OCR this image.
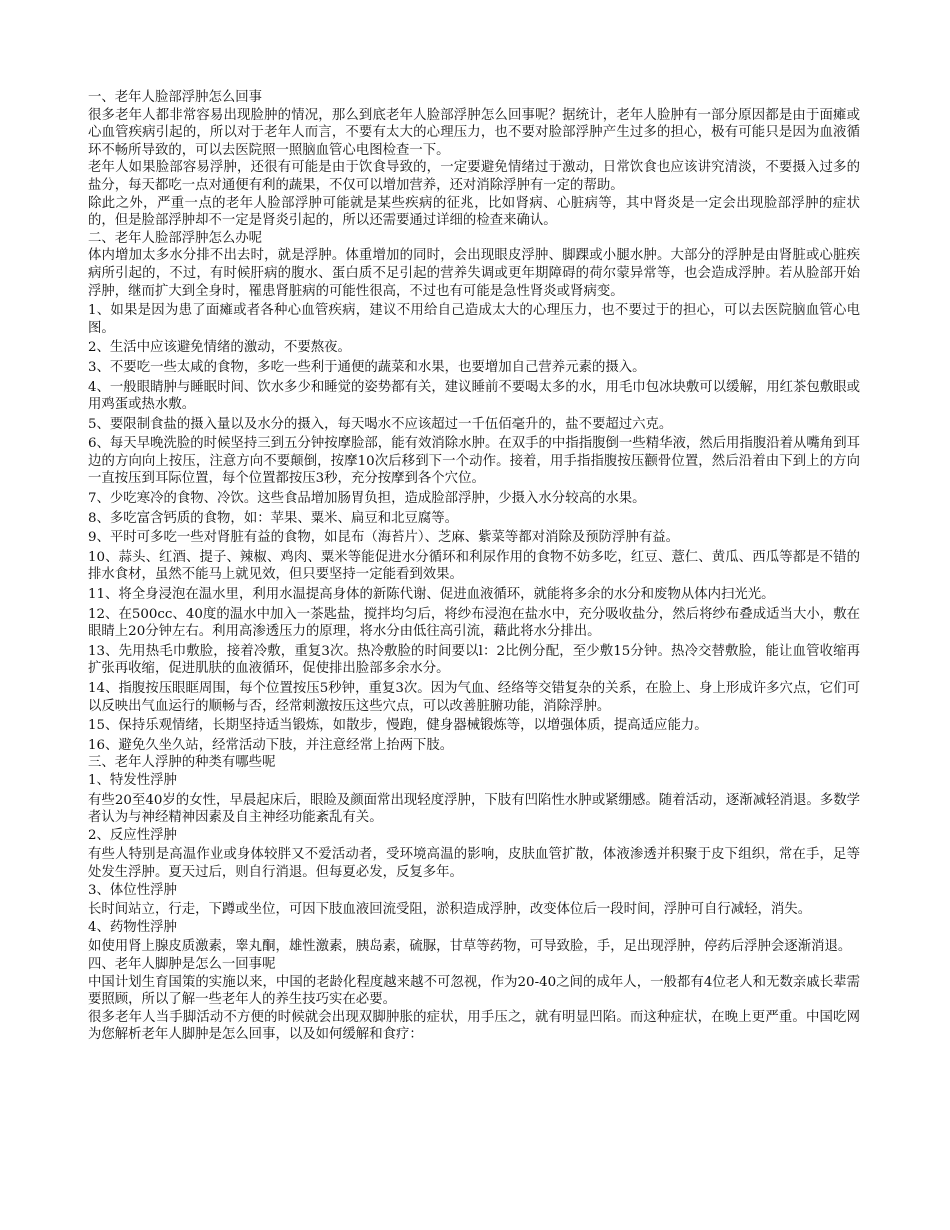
一、老年人脸部浮肿怎么回事

很多老年人都非常容易出现脸肿的情况，那么到底老年人脸部浮肿怎么回事呢？据统计，老年人脸肿有一部分原因都是由于面瘫或心血管疾病引起的，所以对于老年人而言，不要有太大的心理压力，也不要对脸部浮肿产生过多的担心，极有可能只是因为血液循环不畅所导致的，可以去医院照一照脑血管心电图检查一下。

老年人如果脸部容易浮肿，还很有可能是由于饮食导致的，一定要避免情绪过于激动，日常饮食也应该讲究清淡，不要摄入过多的盐分，每天都吃一点对通便有利的蔬果，不仅可以增加营养，还对消除浮肿有一定的帮助。

除此之外，严重一点的老年人脸部浮肿可能就是某些疾病的征兆，比如肾病、心脏病等，其中肾炎是一定会出现脸部浮肿的症状的，但是脸部浮肿却不一定是肾炎引起的，所以还需要通过详细的检查来确认。

二、老年人脸部浮肿怎么办呢

体内增加太多水分排不出去时，就是浮肿。体重增加的同时，会出现眼皮浮肿、脚踝或小腿水肿。大部分的浮肿是由肾脏或心脏疾病所引起的，不过，有时候肝病的腹水、蛋白质不足引起的营养失调或更年期障碍的荷尔蒙异常等，也会造成浮肿。若从脸部开始浮肿，继而扩大到全身时，罹患肾脏病的可能性很高，不过也有可能是急性肾炎或肾病变。

1、如果是因为患了面瘫或者各种心血管疾病，建议不用给自己造成太大的心理压力，也不要过于的担心，可以去医院脑血管心电图。

2、生活中应该避免情绪的激动，不要熬夜。

3、不要吃一些太咸的食物，多吃一些利于通便的蔬菜和水果，也要增加自己营养元素的摄入。

4、一般眼睛肿与睡眠时间、饮水多少和睡觉的姿势都有关，建议睡前不要喝太多的水，用毛巾包冰块敷可以缓解，用红茶包敷眼或用鸡蛋或热水敷。

5、要限制食盐的摄入量以及水分的摄入，每天喝水不应该超过一千伍佰毫升的，盐不要超过六克。

6、每天早晚洗脸的时候坚持三到五分钟按摩脸部，能有效消除水肿。在双手的中指指腹倒一些精华液，然后用指腹沿着从嘴角到耳边的方向向上按压，注意方向不要颠倒，按摩10次后移到下一个动作。接着，用手指指腹按压颧骨位置，然后沿着由下到上的方向一直按压到耳际位置，每个位置都按压3秒，充分按摩到各个穴位。

7、少吃寒冷的食物、冷饮。这些食品增加肠胃负担，造成脸部浮肿，少摄入水分较高的水果。

8、多吃富含钙质的食物，如：苹果、粟米、扁豆和北豆腐等。

9、平时可多吃一些对肾脏有益的食物，如昆布（海苔片）、芝麻、紫菜等都对消除及预防浮肿有益。

10、蒜头、红酒、提子、辣椒、鸡肉、粟米等能促进水分循环和利尿作用的食物不妨多吃，红豆、薏仁、黄瓜、西瓜等都是不错的排水食材，虽然不能马上就见效，但只要坚持一定能看到效果。

11、将全身浸泡在温水里，利用水温提高身体的新陈代谢、促进血液循环，就能将多余的水分和废物从体内扫光光。

12、在500cc、40度的温水中加入一茶匙盐，搅拌均匀后，将纱布浸泡在盐水中，充分吸收盐分，然后将纱布叠成适当大小，敷在眼睛上20分钟左右。利用高渗透压力的原理，将水分由低往高引流，藉此将水分排出。

13、先用热毛巾敷脸，接着冷敷，重复3次。热冷敷脸的时间要以l：2比例分配，至少敷15分钟。热冷交替敷脸，能让血管收缩再扩张再收缩，促进肌肤的血液循环，促使排出脸部多余水分。

14、指腹按压眼眶周围，每个位置按压5秒钟，重复3次。因为气血、经络等交错复杂的关系，在脸上、身上形成许多穴点，它们可以反映出气血运行的顺畅与否，经常刺激按压这些穴点，可以改善脏腑功能，消除浮肿。

15、保持乐观情绪，长期坚持适当锻炼，如散步，慢跑，健身器械锻炼等，以增强体质，提高适应能力。

16、避免久坐久站，经常活动下肢，并注意经常上抬两下肢。

三、老年人浮肿的种类有哪些呢

1、特发性浮肿

有些20至40岁的女性，早晨起床后，眼睑及颜面常出现轻度浮肿，下肢有凹陷性水肿或紧绷感。随着活动，逐渐减轻消退。多数学者认为与神经精神因素及自主神经功能紊乱有关。

2、反应性浮肿

有些人特别是高温作业或身体较胖又不爱活动者，受环境高温的影响，皮肤血管扩散，体液渗透并积聚于皮下组织，常在手，足等处发生浮肿。夏天过后，则自行消退。但每夏必发，反复多年。

3、体位性浮肿

长时间站立，行走，下蹲或坐位，可因下肢血液回流受阻，淤积造成浮肿，改变体位后一段时间，浮肿可自行减轻，消失。

4、药物性浮肿

如使用肾上腺皮质激素，睾丸酮，雄性激素，胰岛素，硫脲，甘草等药物，可导致脸，手，足出现浮肿，停药后浮肿会逐渐消退。

四、老年人脚肿是怎么一回事呢

中国计划生育国策的实施以来，中国的老龄化程度越来越不可忽视，作为20-40之间的成年人，一般都有4位老人和无数亲戚长辈需要照顾，所以了解一些老年人的养生技巧实在必要。

很多老年人当手脚活动不方便的时候就会出现双脚肿胀的症状，用手压之，就有明显凹陷。而这种症状，在晚上更严重。中国吃网为您解析老年人脚肿是怎么回事，以及如何缓解和食疗：
